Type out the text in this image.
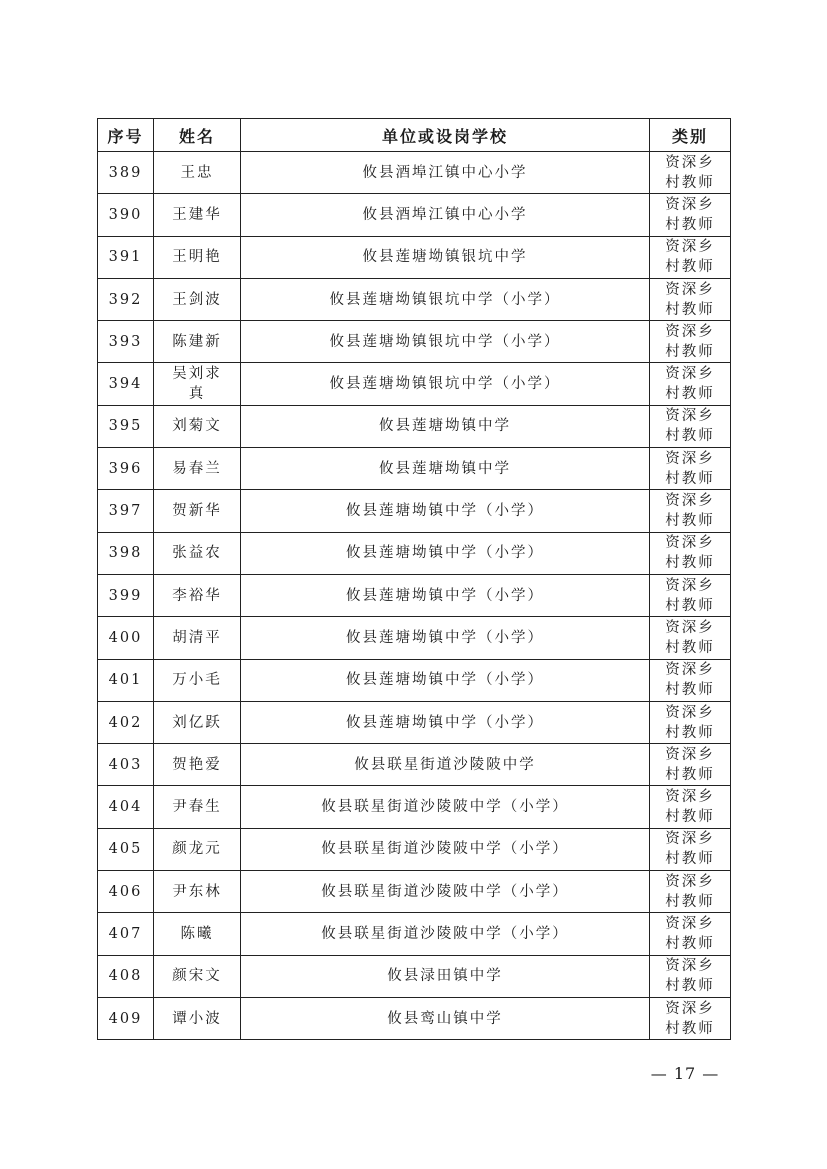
序号	姓名	单位或设岗学校	类别
389	王忠	攸县酒埠江镇中心小学	资深乡
村教师

390	王建华	攸县酒埠江镇中心小学	资深乡
村教师

391	王明艳	攸县莲塘坳镇银坑中学	资深乡
村教师

392	王剑波	攸县莲塘坳镇银坑中学（小学）	资深乡
村教师

393	陈建新	攸县莲塘坳镇银坑中学（小学）	资深乡
村教师

394	吴刘求真	攸县莲塘坳镇银坑中学（小学）	资深乡
村教师

395	刘菊文	攸县莲塘坳镇中学	资深乡
村教师

396	易春兰	攸县莲塘坳镇中学	资深乡
村教师

397	贺新华	攸县莲塘坳镇中学（小学）	资深乡
村教师

398	张益农	攸县莲塘坳镇中学（小学）	资深乡
村教师

399	李裕华	攸县莲塘坳镇中学（小学）	资深乡
村教师

400	胡清平	攸县莲塘坳镇中学（小学）	资深乡
村教师

401	万小毛	攸县莲塘坳镇中学（小学）	资深乡
村教师

402	刘亿跃	攸县莲塘坳镇中学（小学）	资深乡
村教师

403	贺艳爱	攸县联星街道沙陵陂中学	资深乡
村教师

404	尹春生	攸县联星街道沙陵陂中学（小学）	资深乡
村教师

405	颜龙元	攸县联星街道沙陵陂中学（小学）	资深乡
村教师

406	尹东林	攸县联星街道沙陵陂中学（小学）	资深乡
村教师

407	陈曦	攸县联星街道沙陵陂中学（小学）	资深乡
村教师

408	颜宋文	攸县渌田镇中学	资深乡
村教师

409	谭小波	攸县鸾山镇中学	资深乡
村教师
— 17 —
